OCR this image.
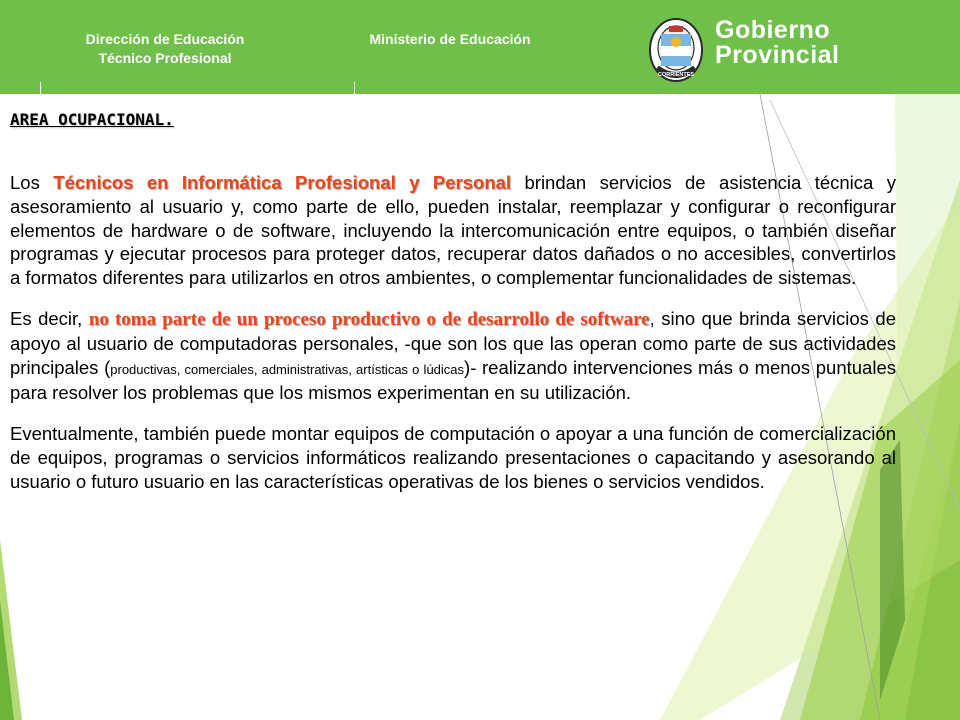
Dirección de Educación
Técnico Profesional
Ministerio de Educación
CORRIENTES
Gobierno
Provincial
AREA OCUPACIONAL.

Los Técnicos en Informática Profesional y Personal brindan servicios de asistencia técnica y asesoramiento al usuario y, como parte de ello, pueden instalar, reemplazar y configurar o reconfigurar elementos de hardware o de software, incluyendo la intercomunicación entre equipos, o también diseñar programas y ejecutar procesos para proteger datos, recuperar datos dañados o no accesibles, convertirlos a formatos diferentes para utilizarlos en otros ambientes, o complementar funcionalidades de sistemas.

Es decir, no toma parte de un proceso productivo o de desarrollo de software, sino que brinda servicios de apoyo al usuario de computadoras personales, -que son los que las operan como parte de sus actividades principales (productivas, comerciales, administrativas, artísticas o lúdicas)- realizando intervenciones más o menos puntuales para resolver los problemas que los mismos experimentan en su utilización.

Eventualmente, también puede montar equipos de computación o apoyar a una función de comercialización de equipos, programas o servicios informáticos realizando presentaciones o capacitando y asesorando al usuario o futuro usuario en las características operativas de los bienes o servicios vendidos.
